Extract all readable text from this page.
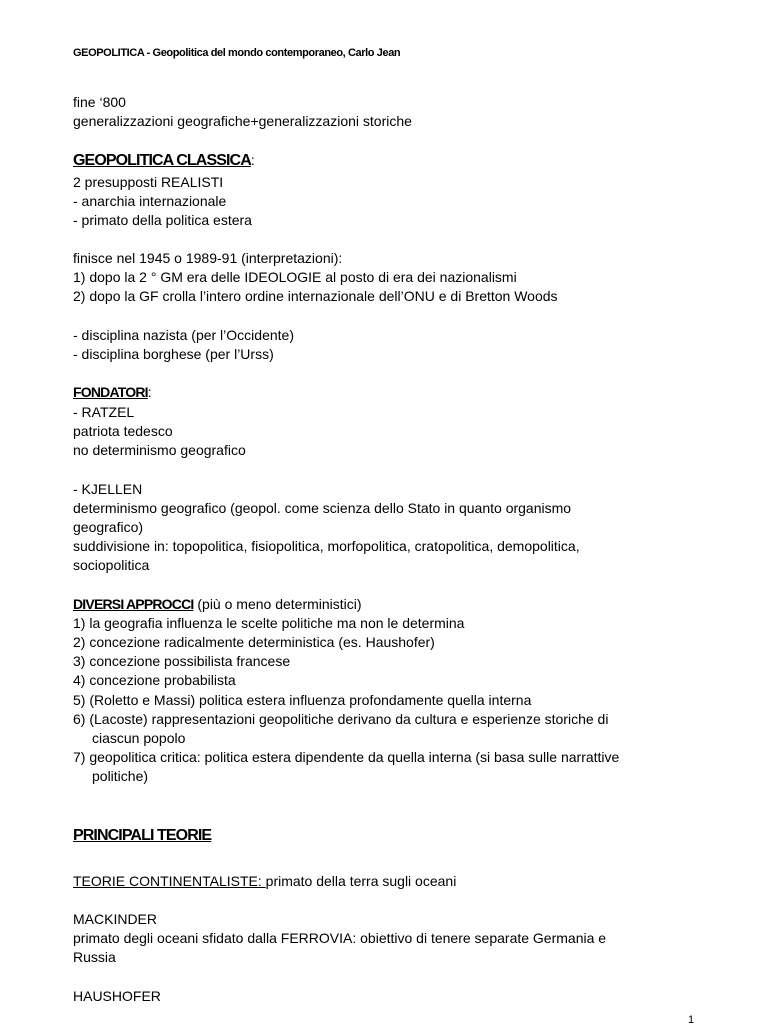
GEOPOLITICA - Geopolitica del mondo contemporaneo, Carlo Jean
fine ‘800
generalizzazioni geografiche+generalizzazioni storiche
GEOPOLITICA CLASSICA:
2 presupposti REALISTI
- anarchia internazionale
- primato della politica estera
finisce nel 1945 o 1989-91 (interpretazioni):
1) dopo la 2 ° GM era delle IDEOLOGIE al posto di era dei nazionalismi
2) dopo la GF crolla l’intero ordine internazionale dell’ONU e di Bretton Woods
- disciplina nazista (per l’Occidente)
- disciplina borghese (per l’Urss)
FONDATORI:
- RATZEL
patriota tedesco
no determinismo geografico
- KJELLEN
determinismo geografico (geopol. come scienza dello Stato in quanto organismo
geografico)
suddivisione in: topopolitica, fisiopolitica, morfopolitica, cratopolitica, demopolitica,
sociopolitica
DIVERSI APPROCCI (più o meno deterministici)
1) la geografia influenza le scelte politiche ma non le determina
2) concezione radicalmente deterministica (es. Haushofer)
3) concezione possibilista francese
4) concezione probabilista
5) (Roletto e Massi) politica estera influenza profondamente quella interna
6) (Lacoste) rappresentazioni geopolitiche derivano da cultura e esperienze storiche di
ciascun popolo
7) geopolitica critica: politica estera dipendente da quella interna (si basa sulle narrattive
politiche)
PRINCIPALI TEORIE
TEORIE CONTINENTALISTE: primato della terra sugli oceani
MACKINDER
primato degli oceani sfidato dalla FERROVIA: obiettivo di tenere separate Germania e
Russia
HAUSHOFER
1
